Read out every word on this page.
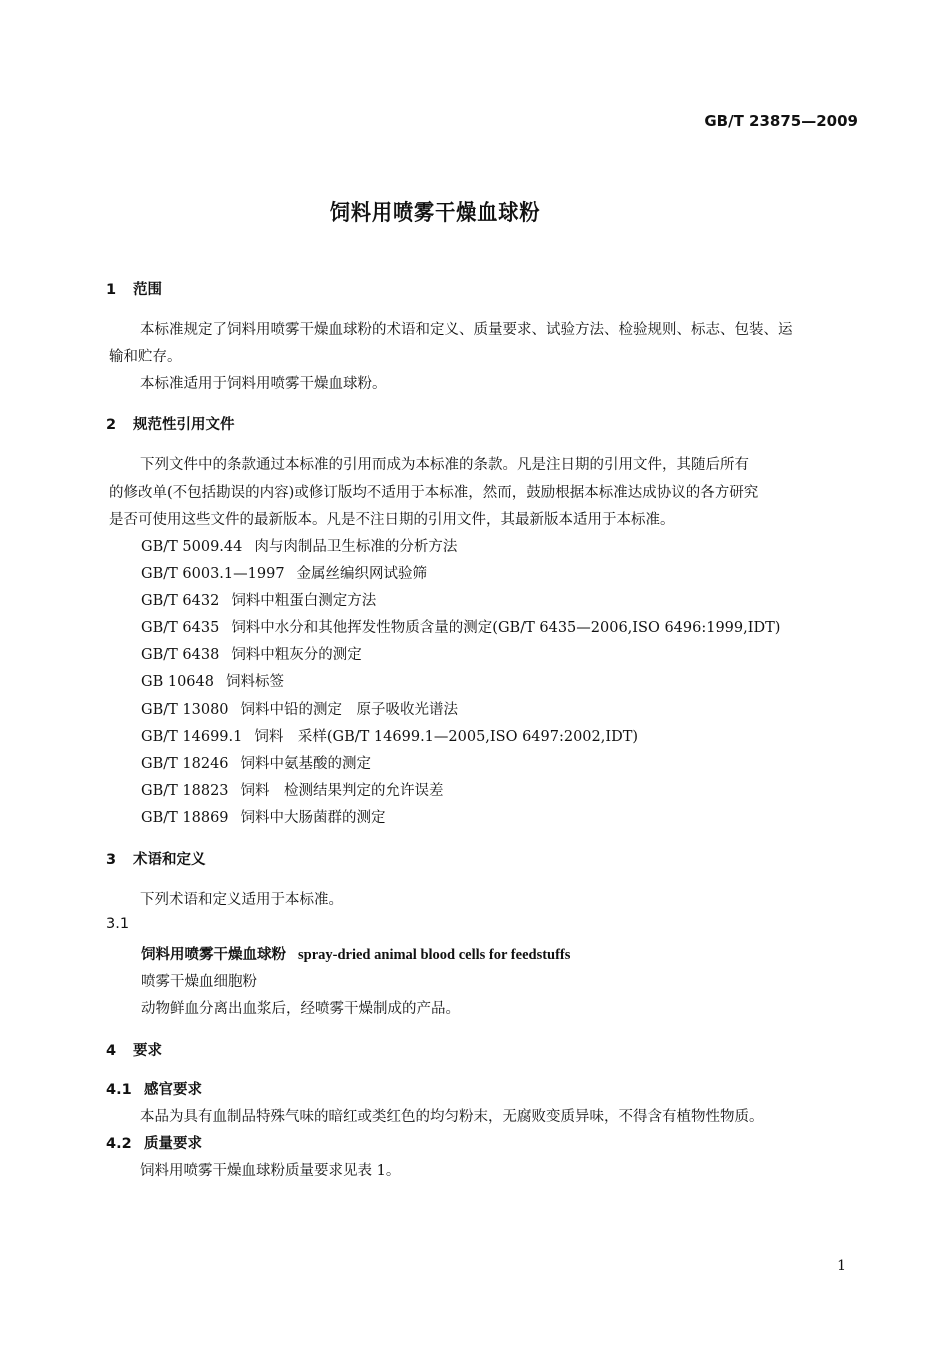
GB/T 23875—2009
饲料用喷雾干燥血球粉
1 范围
本标准规定了饲料用喷雾干燥血球粉的术语和定义、质量要求、试验方法、检验规则、标志、包装、运
输和贮存。
本标准适用于饲料用喷雾干燥血球粉。
2 规范性引用文件
下列文件中的条款通过本标准的引用而成为本标准的条款。凡是注日期的引用文件，其随后所有
的修改单(不包括勘误的内容)或修订版均不适用于本标准，然而，鼓励根据本标准达成协议的各方研究
是否可使用这些文件的最新版本。凡是不注日期的引用文件，其最新版本适用于本标准。
GB/T 5009.44 肉与肉制品卫生标准的分析方法
GB/T 6003.1—1997 金属丝编织网试验筛
GB/T 6432 饲料中粗蛋白测定方法
GB/T 6435 饲料中水分和其他挥发性物质含量的测定(GB/T 6435—2006,ISO 6496:1999,IDT)
GB/T 6438 饲料中粗灰分的测定
GB 10648 饲料标签
GB/T 13080 饲料中铅的测定　原子吸收光谱法
GB/T 14699.1 饲料　采样(GB/T 14699.1—2005,ISO 6497:2002,IDT)
GB/T 18246 饲料中氨基酸的测定
GB/T 18823 饲料　检测结果判定的允许误差
GB/T 18869 饲料中大肠菌群的测定
3 术语和定义
下列术语和定义适用于本标准。
3.1
饲料用喷雾干燥血球粉 spray-dried animal blood cells for feedstuffs
喷雾干燥血细胞粉
动物鲜血分离出血浆后，经喷雾干燥制成的产品。
4 要求
4.1 感官要求
本品为具有血制品特殊气味的暗红或类红色的均匀粉末，无腐败变质异味，不得含有植物性物质。
4.2 质量要求
饲料用喷雾干燥血球粉质量要求见表 1。
1
